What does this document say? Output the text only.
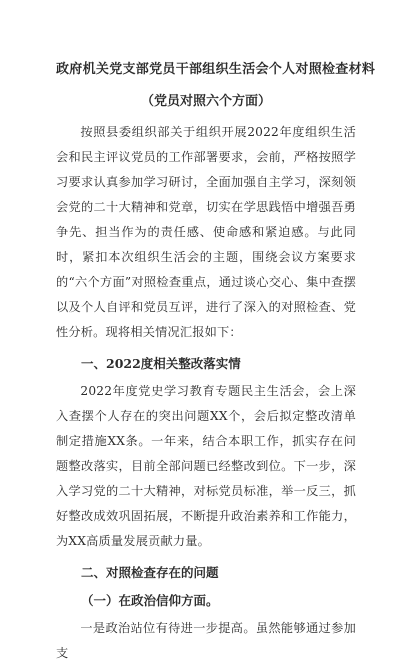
政府机关党支部党员干部组织生活会个人对照检查材料
（党员对照六个方面）

按照县委组织部关于组织开展2022年度组织生活会和民主评议党员的工作部署要求，会前，严格按照学习要求认真参加学习研讨，全面加强自主学习，深刻领会党的二十大精神和党章，切实在学思践悟中增强吾勇争先、担当作为的责任感、使命感和紧迫感。与此同时，紧扣本次组织生活会的主题，围绕会议方案要求的“六个方面”对照检查重点，通过谈心交心、集中查摆以及个人自评和党员互评，进行了深入的对照检查、党性分析。现将相关情况汇报如下：

一、2022度相关整改落实情

2022年度党史学习教育专题民主生活会，会上深入查摆个人存在的突出问题XX个，会后拟定整改清单制定措施XX条。一年来，结合本职工作，抓实存在问题整改落实，目前全部问题已经整改到位。下一步，深入学习党的二十大精神，对标党员标准，举一反三，抓好整改成效巩固拓展，不断提升政治素养和工作能力，为XX高质量发展贡献力量。

二、对照检查存在的问题
（一）在政治信仰方面。

一是政治站位有待进一步提高。虽然能够通过参加支
